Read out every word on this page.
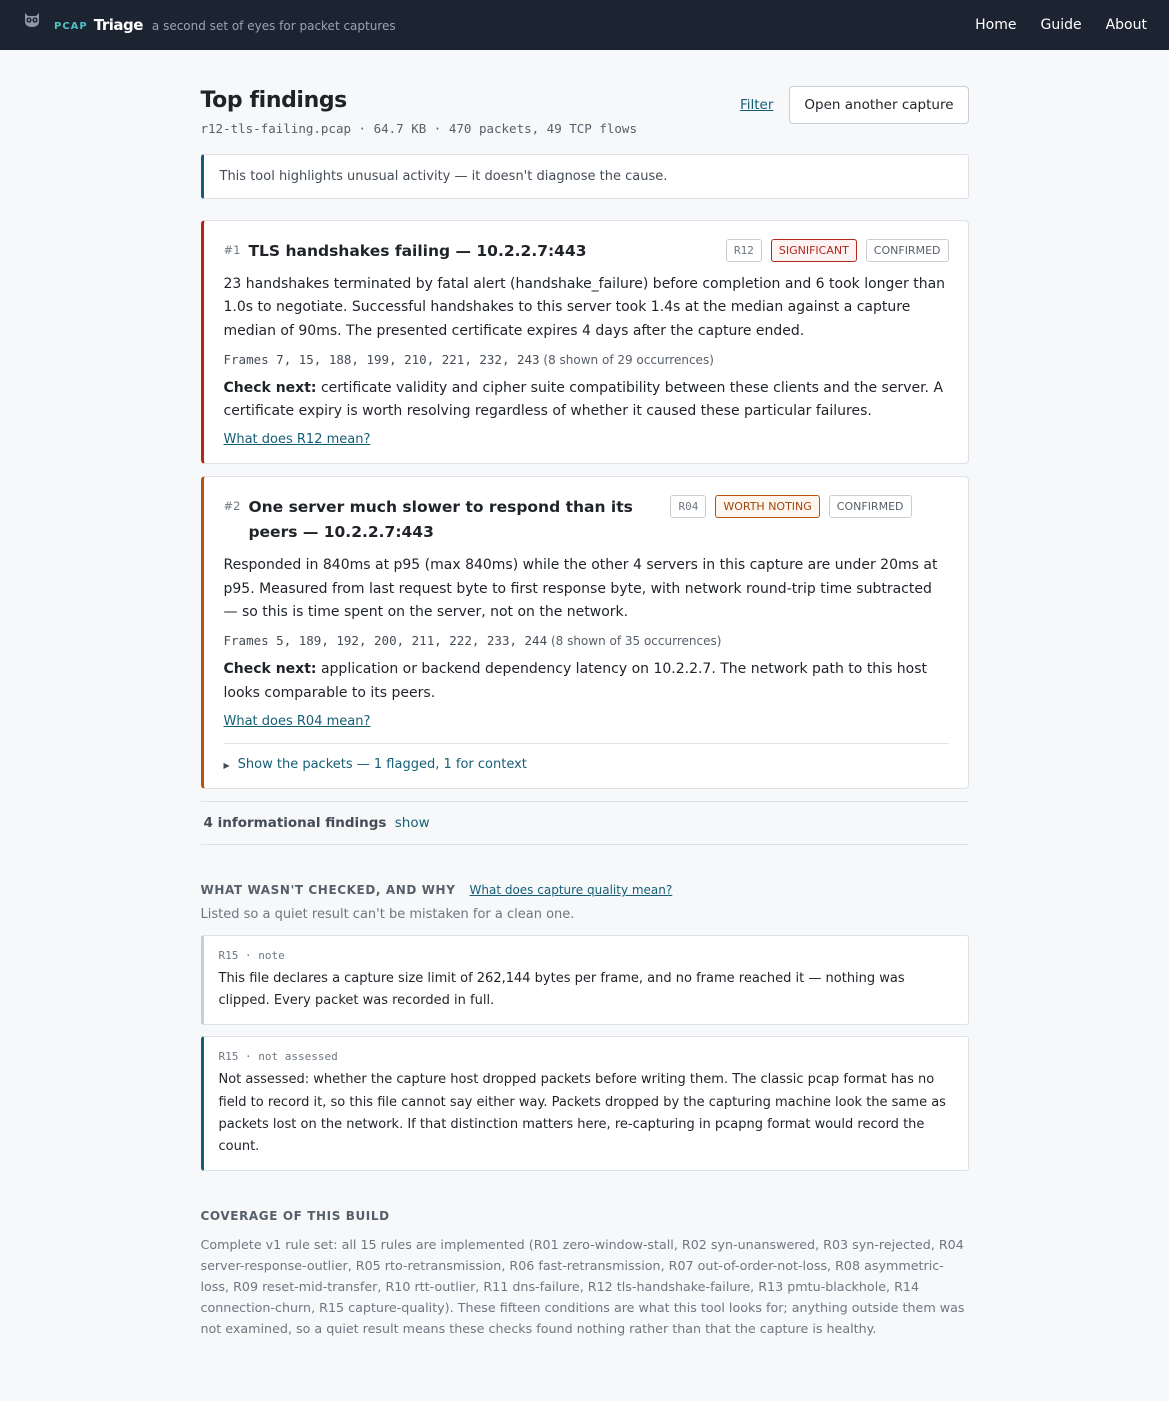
PCAP Triage a second set of eyes for packet captures	Home Guide About
Top findings
r12-tls-failing.pcap · 64.7 KB · 470 packets, 49 TCP flows
Filter	Open another capture
This tool highlights unusual activity — it doesn't diagnose the cause.
#1 TLS handshakes failing — 10.2.2.7:443	R12	SIGNIFICANT	CONFIRMED

23 handshakes terminated by fatal alert (handshake_failure) before completion and 6 took longer than 1.0s to negotiate. Successful handshakes to this server took 1.4s at the median against a capture median of 90ms. The presented certificate expires 4 days after the capture ended.

Frames 7, 15, 188, 199, 210, 221, 232, 243 (8 shown of 29 occurrences)

Check next: certificate validity and cipher suite compatibility between these clients and the server. A certificate expiry is worth resolving regardless of whether it caused these particular failures.

What does R12 mean?
#2 One server much slower to respond than its peers — 10.2.2.7:443
R04	WORTH NOTING	CONFIRMED

Responded in 840ms at p95 (max 840ms) while the other 4 servers in this capture are under 20ms at p95. Measured from last request byte to first response byte, with network round-trip time subtracted — so this is time spent on the server, not on the network.

Frames 5, 189, 192, 200, 211, 222, 233, 244 (8 shown of 35 occurrences)

Check next: application or backend dependency latency on 10.2.2.7. The network path to this host looks comparable to its peers.

What does R04 mean?
▶ Show the packets — 1 flagged, 1 for context
4 informational findings show
WHAT WASN'T CHECKED, AND WHY What does capture quality mean?

Listed so a quiet result can't be mistaken for a clean one.

R15 · note

This file declares a capture size limit of 262,144 bytes per frame, and no frame reached it — nothing was clipped. Every packet was recorded in full.

R15 · not assessed

Not assessed: whether the capture host dropped packets before writing them. The classic pcap format has no field to record it, so this file cannot say either way. Packets dropped by the capturing machine look the same as packets lost on the network. If that distinction matters here, re-capturing in pcapng format would record the count.

COVERAGE OF THIS BUILD

Complete v1 rule set: all 15 rules are implemented (R01 zero-window-stall, R02 syn-unanswered, R03 syn-rejected, R04 server-response-outlier, R05 rto-retransmission, R06 fast-retransmission, R07 out-of-order-not-loss, R08 asymmetric-loss, R09 reset-mid-transfer, R10 rtt-outlier, R11 dns-failure, R12 tls-handshake-failure, R13 pmtu-blackhole, R14 connection-churn, R15 capture-quality). These fifteen conditions are what this tool looks for; anything outside them was not examined, so a quiet result means these checks found nothing rather than that the capture is healthy.
